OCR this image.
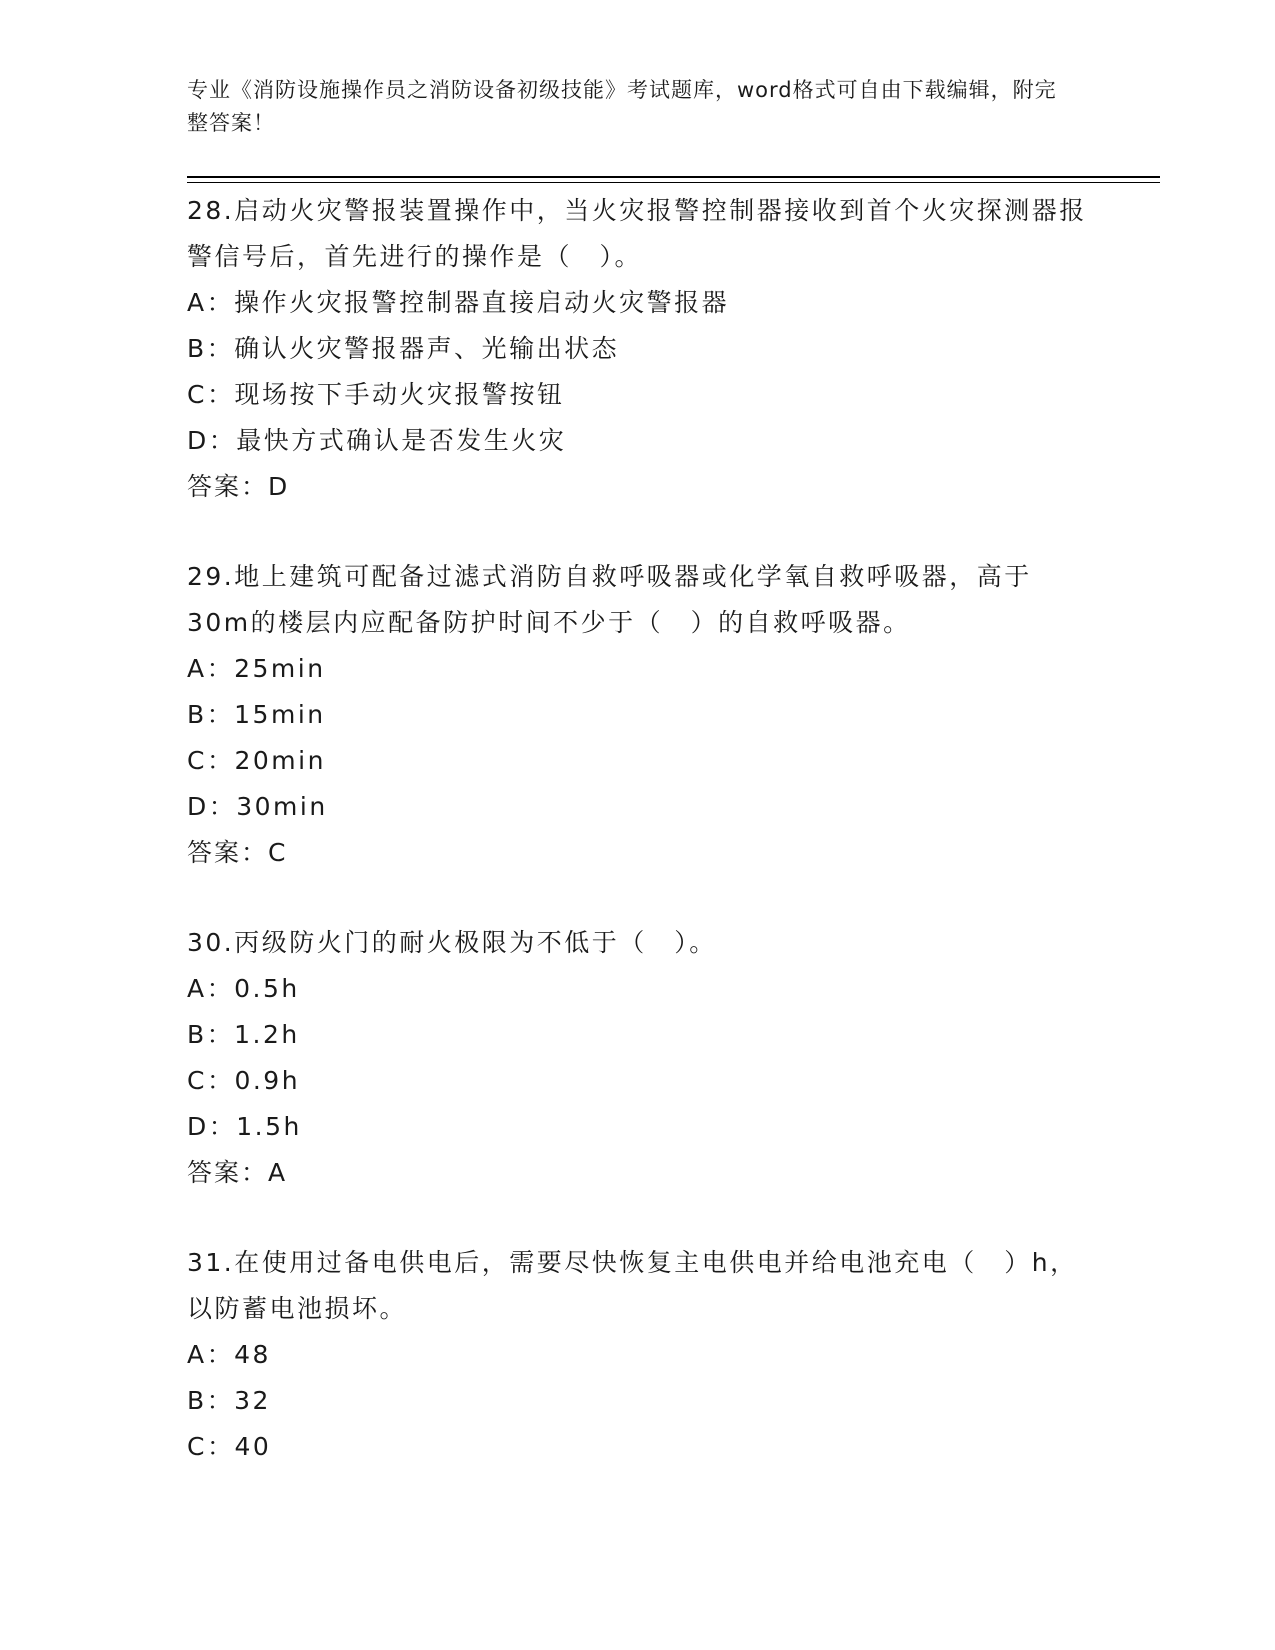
专业《消防设施操作员之消防设备初级技能》考试题库，word格式可自由下载编辑，附完整答案！

28.启动火灾警报装置操作中，当火灾报警控制器接收到首个火灾探测器报警信号后，首先进行的操作是（　）。

A：操作火灾报警控制器直接启动火灾警报器

B：确认火灾警报器声、光输出状态

C：现场按下手动火灾报警按钮

D：最快方式确认是否发生火灾

答案：D

29.地上建筑可配备过滤式消防自救呼吸器或化学氧自救呼吸器，高于30m的楼层内应配备防护时间不少于（　）的自救呼吸器。

A：25min

B：15min

C：20min

D：30min

答案：C

30.丙级防火门的耐火极限为不低于（　）。

A：0.5h

B：1.2h

C：0.9h

D：1.5h

答案：A

31.在使用过备电供电后，需要尽快恢复主电供电并给电池充电（　）h，以防蓄电池损坏。

A：48

B：32

C：40
